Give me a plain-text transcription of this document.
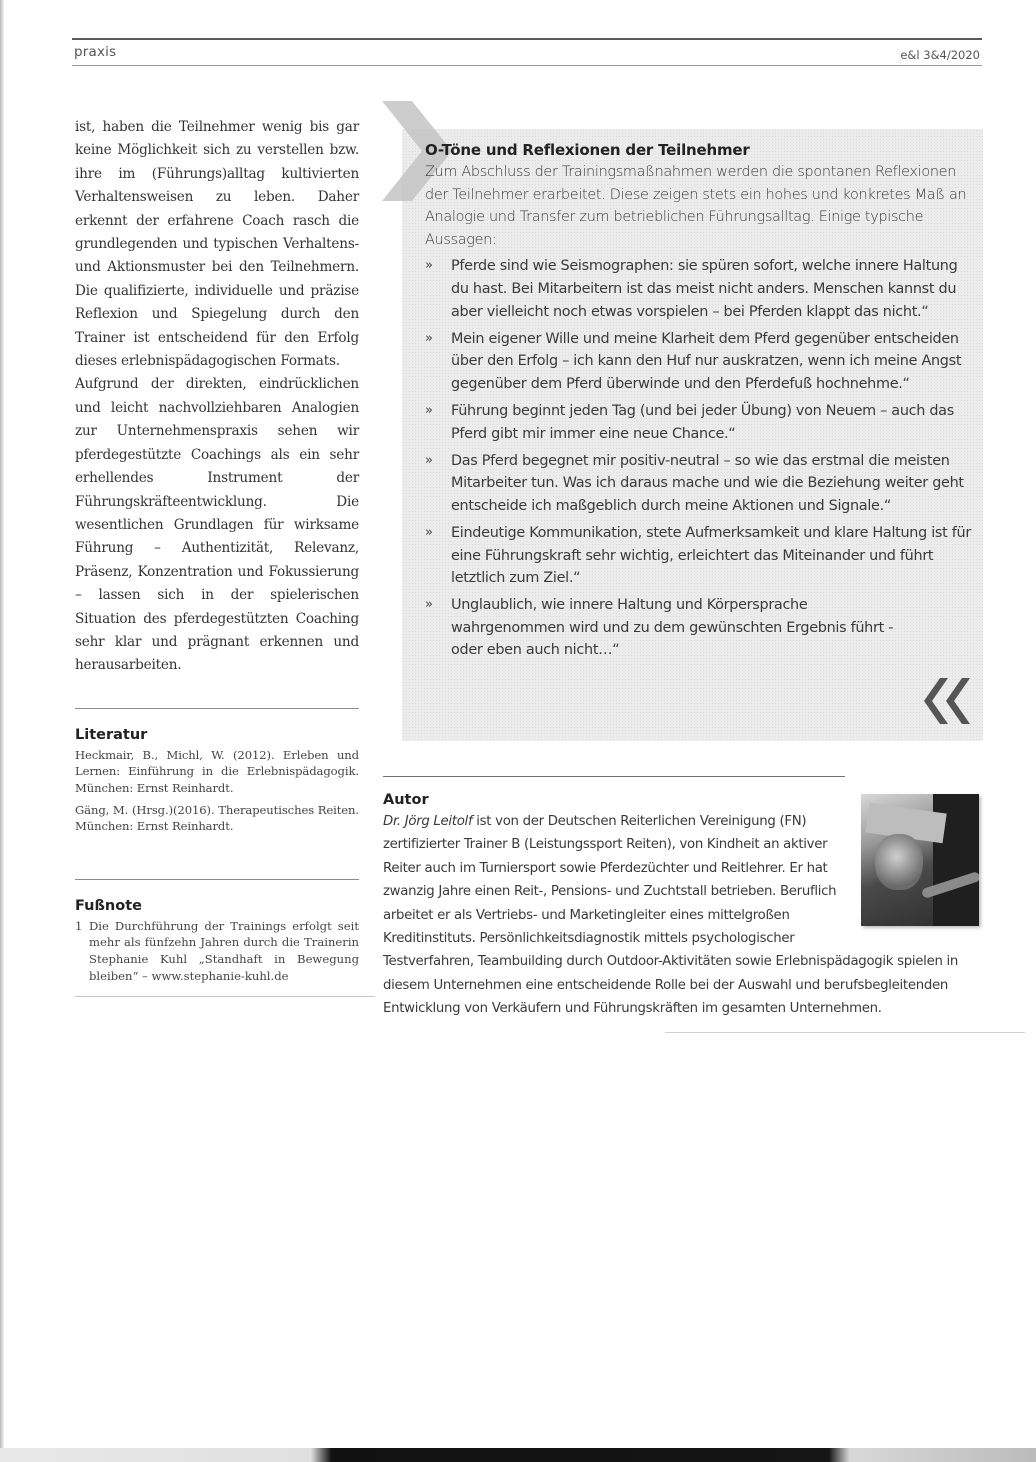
praxis	e&l 3&4/2020

ist, haben die Teilnehmer wenig bis gar keine Möglichkeit sich zu verstellen bzw. ihre im (Führungs)alltag kultivierten Verhaltensweisen zu leben. Daher erkennt der erfahrene Coach rasch die grundlegenden und typischen Verhaltens- und Aktionsmuster bei den Teilnehmern. Die qualifizierte, individuelle und präzise Reflexion und Spiegelung durch den Trainer ist entscheidend für den Erfolg dieses erlebnispädagogischen Formats.

Aufgrund der direkten, eindrücklichen und leicht nachvollziehbaren Analogien zur Unternehmenspraxis sehen wir pferdegestützte Coachings als ein sehr erhellendes Instrument der Führungskräfteentwicklung. Die wesentlichen Grundlagen für wirksame Führung – Authentizität, Relevanz, Präsenz, Konzentration und Fokussierung – lassen sich in der spielerischen Situation des pferdegestützten Coaching sehr klar und prägnant erkennen und herausarbeiten.

Literatur

Heckmair, B., Michl, W. (2012). Erleben und Lernen: Einführung in die Erlebnispädagogik. München: Ernst Reinhardt.

Gäng, M. (Hrsg.)(2016). Therapeutisches Reiten. München: Ernst Reinhardt.

Fußnote
1 Die Durchführung der Trainings erfolgt seit mehr als fünfzehn Jahren durch die Trainerin Stephanie Kuhl „Standhaft in Bewegung bleiben“ – www.stephanie-kuhl.de
O-Töne und Reflexionen der Teilnehmer

Zum Abschluss der Trainingsmaßnahmen werden die spontanen Reflexionen der Teilnehmer erarbeitet. Diese zeigen stets ein hohes und konkretes Maß an Analogie und Transfer zum betrieblichen Führungsalltag. Einige typische Aussagen:

»	Pferde sind wie Seismographen: sie spüren sofort, welche innere Haltung du hast. Bei Mitarbeitern ist das meist nicht anders. Menschen kannst du aber vielleicht noch etwas vorspielen – bei Pferden klappt das nicht.“
»	Mein eigener Wille und meine Klarheit dem Pferd gegenüber entscheiden über den Erfolg – ich kann den Huf nur auskratzen, wenn ich meine Angst gegenüber dem Pferd überwinde und den Pferdefuß hochnehme.“
»	Führung beginnt jeden Tag (und bei jeder Übung) von Neuem – auch das Pferd gibt mir immer eine neue Chance.“
»	Das Pferd begegnet mir positiv-neutral – so wie das erstmal die meisten Mitarbeiter tun. Was ich daraus mache und wie die Beziehung weiter geht entscheide ich maßgeblich durch meine Aktionen und Signale.“
»	Eindeutige Kommunikation, stete Aufmerksamkeit und klare Haltung ist für eine Führungskraft sehr wichtig, erleichtert das Miteinander und führt letztlich zum Ziel.“
»	Unglaublich, wie innere Haltung und Körpersprache wahrgenommen wird und zu dem gewünschten Ergebnis führt - oder eben auch nicht…“
Autor

Dr. Jörg Leitolf ist von der Deutschen Reiterlichen Vereinigung (FN) zertifizierter Trainer B (Leistungssport Reiten), von Kindheit an aktiver Reiter auch im Turniersport sowie Pferdezüchter und Reitlehrer. Er hat zwanzig Jahre einen Reit-, Pensions- und Zuchtstall betrieben. Beruflich arbeitet er als Vertriebs- und Marketingleiter eines mittelgroßen Kreditinstituts. Persönlichkeitsdiagnostik mittels psychologischer Testverfahren, Teambuilding durch Outdoor-Aktivitäten sowie Erlebnispädagogik spielen in diesem Unternehmen eine entscheidende Rolle bei der Auswahl und berufsbegleitenden Entwicklung von Verkäufern und Führungskräften im gesamten Unternehmen.
